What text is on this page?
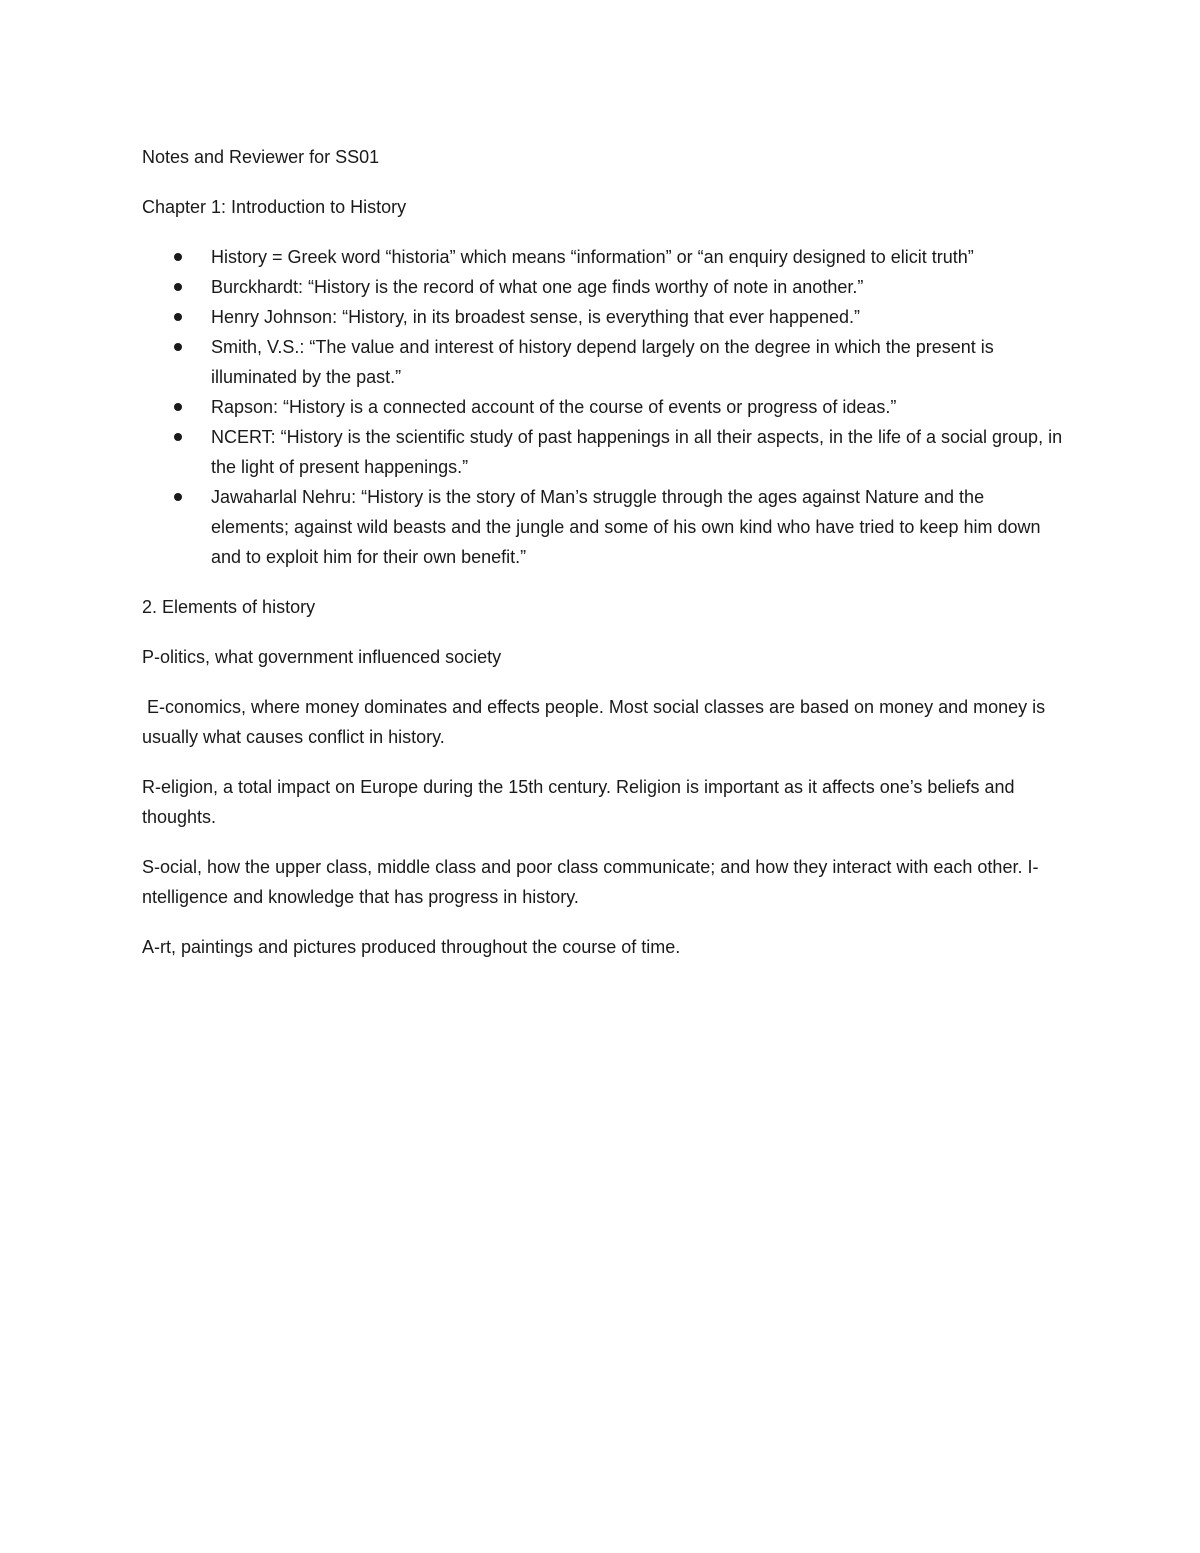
Notes and Reviewer for SS01

Chapter 1: Introduction to History

History = Greek word “historia” which means “information” or “an enquiry designed to elicit truth”
Burckhardt: “History is the record of what one age finds worthy of note in another.”
Henry Johnson: “History, in its broadest sense, is everything that ever happened.”
Smith, V.S.: “The value and interest of history depend largely on the degree in which the present is illuminated by the past.”
Rapson: “History is a connected account of the course of events or progress of ideas.”
NCERT: “History is the scientific study of past happenings in all their aspects, in the life of a social group, in the light of present happenings.”
Jawaharlal Nehru: “History is the story of Man’s struggle through the ages against Nature and the elements; against wild beasts and the jungle and some of his own kind who have tried to keep him down and to exploit him for their own benefit.”

2. Elements of history

P-olitics, what government influenced society

E-conomics, where money dominates and effects people. Most social classes are based on money and money is usually what causes conflict in history.

R-eligion, a total impact on Europe during the 15th century. Religion is important as it affects one’s beliefs and thoughts.

S-ocial, how the upper class, middle class and poor class communicate; and how they interact with each other. I- ntelligence and knowledge that has progress in history.

A-rt, paintings and pictures produced throughout the course of time.
